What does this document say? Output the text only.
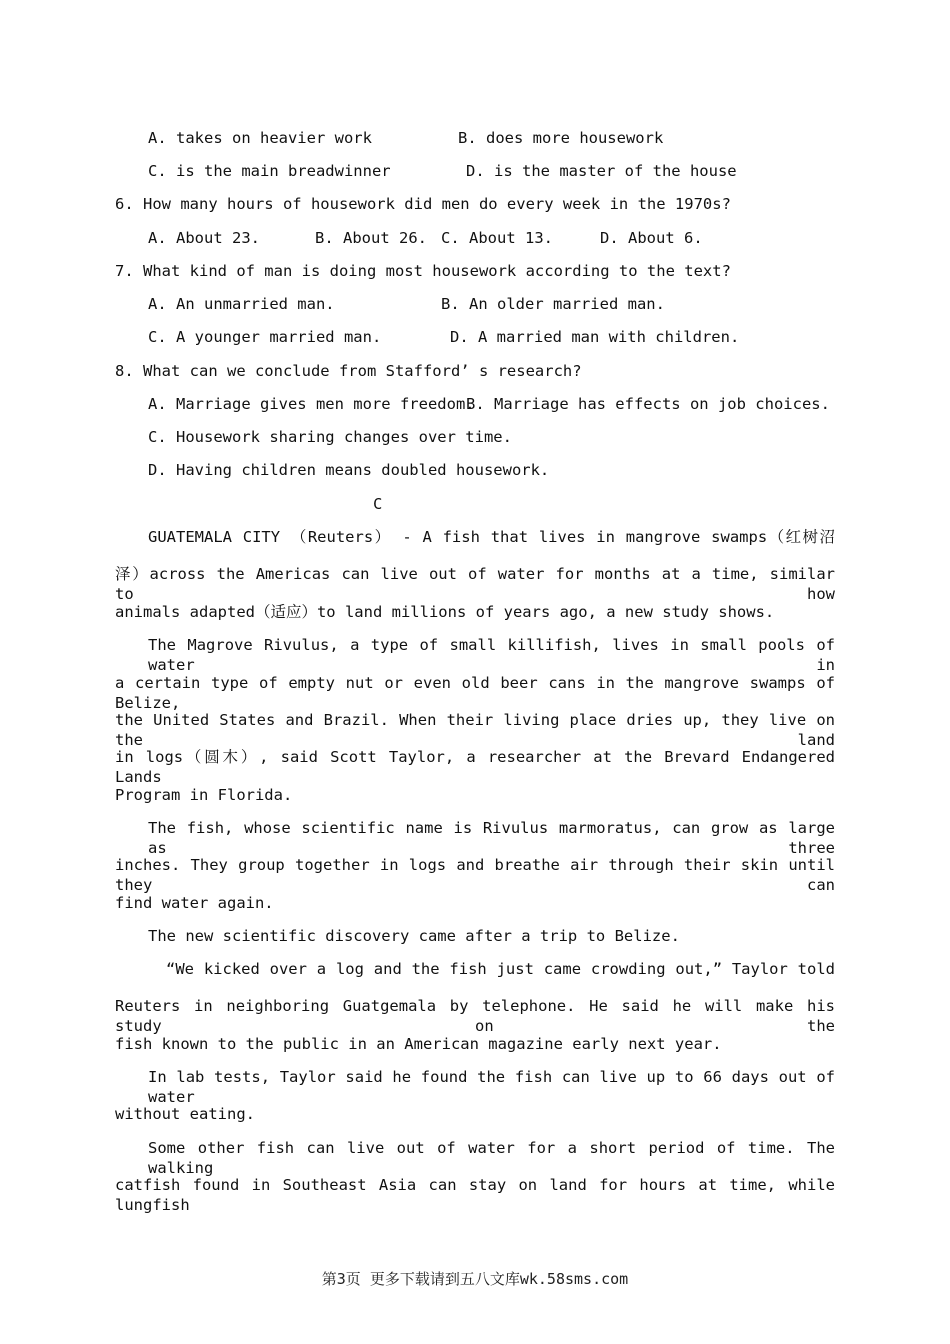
A. takes on heavier work	B. does more housework
C. is the main breadwinner	D. is the master of the house
6. How many hours of housework did men do every week in the 1970s?
A. About 23.	B. About 26. C. About 13.	D. About 6.
7. What kind of man is doing most housework according to the text?
A. An unmarried man.	B. An older married man.
C. A younger married man.	D. A married man with children.
8. What can we conclude from Stafford’ s research?
A. Marriage gives men more freedom.
B. Marriage has effects on job choices.
C. Housework sharing changes over time.
D. Having children means doubled housework.
C
GUATEMALA CITY （Reuters） - A fish that lives in mangrove swamps（红树沼
泽）across the Americas can live out of water for months at a time, similar to how
animals adapted（适应）to land millions of years ago, a new study shows.
The Magrove Rivulus, a type of small killifish, lives in small pools of water in
a certain type of empty nut or even old beer cans in the mangrove swamps of Belize,
the United States and Brazil. When their living place dries up, they live on the land
in logs（圆木）, said Scott Taylor, a researcher at the Brevard Endangered Lands
Program in Florida.
The fish, whose scientific name is Rivulus marmoratus, can grow as large as three
inches. They group together in logs and breathe air through their skin until they can
find water again.
The new scientific discovery came after a trip to Belize.
“We kicked over a log and the fish just came crowding out,” Taylor told
Reuters in neighboring Guatgemala by telephone. He said he will make his study on the
fish known to the public in an American magazine early next year.
In lab tests, Taylor said he found the fish can live up to 66 days out of water
without eating.
Some other fish can live out of water for a short period of time. The walking
catfish found in Southeast Asia can stay on land for hours at time, while lungfish
第3页 更多下载请到五八文库wk.58sms.com
